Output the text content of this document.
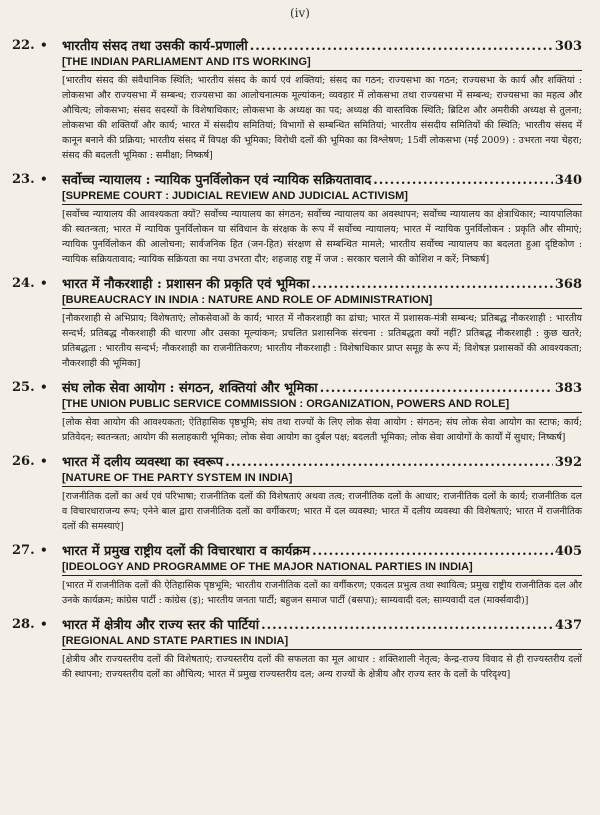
(iv)
22. • भारतीय संसद तथा उसकी कार्य-प्रणाली .....	303
[THE INDIAN PARLIAMENT AND ITS WORKING]
[भारतीय संसद की संवैधानिक स्थिति; भारतीय संसद के कार्य एवं शक्तियां; संसद का गठन; राज्यसभा का गठन; राज्यसभा के कार्य और शक्तियां : लोकसभा और राज्यसभा में सम्बन्ध; राज्यसभा का आलोचनात्मक मूल्यांकन; व्यवहार में लोकसभा तथा राज्यसभा में सम्बन्ध; राज्यसभा का महत्व और औचित्य; लोकसभा; संसद सदस्यों के विशेषाधिकार; लोकसभा के अध्यक्ष का पद; अध्यक्ष की वास्तविक स्थिति; ब्रिटिश और अमरीकी अध्यक्ष से तुलना; लोकसभा की शक्तियाँ और कार्य; भारत में संसदीय समितियां; विभागों से सम्बन्धित समितियां; भारतीय संसदीय समितियों की स्थिति; भारतीय संसद में कानून बनाने की प्रक्रिया; भारतीय संसद में विपक्ष की भूमिका; विरोधी दलों की भूमिका का विश्लेषण; 15वीं लोकसभा (मई 2009) : उभरता नया चेहरा; संसद की बदलती भूमिका : समीक्षा; निष्कर्ष]
23. • सर्वोच्च न्यायालय : न्यायिक पुनर्विलोकन एवं न्यायिक सक्रियतावाद .....	340
[SUPREME COURT : JUDICIAL REVIEW AND JUDICIAL ACTIVISM]
[सर्वोच्च न्यायालय की आवश्यकता क्यों? सर्वोच्च न्यायालय का संगठन; सर्वोच्च न्यायालय का अवस्थापन; सर्वोच्च न्यायालय का क्षेत्राधिकार; न्यायपालिका की स्वतन्त्रता; भारत में न्यायिक पुनर्विलोकन या संविधान के संरक्षक के रूप में सर्वोच्च न्यायालय; भारत में न्यायिक पुनर्विलोकन : प्रकृति और सीमाएं; न्यायिक पुनर्विलोकन की आलोचना; सार्वजनिक हित (जन-हित) संरक्षण से सम्बन्धित मामले; भारतीय सर्वोच्च न्यायालय का बदलता हुआ दृष्टिकोण : न्यायिक सक्रियतावाद; न्यायिक सक्रियता का नया उभरता दौर; शहजाह राष्ट्र में जज : सरकार चलाने की कोशिश न करें; निष्कर्ष]
24. • भारत में नौकरशाही : प्रशासन की प्रकृति एवं भूमिका .....	368
[BUREAUCRACY IN INDIA : NATURE AND ROLE OF ADMINISTRATION]
[नौकरशाही से अभिप्राय; विशेषताएं; लोकसेवाओं के कार्य; भारत में नौकरशाही का ढांचा; भारत में प्रशासक-मंत्री सम्बन्ध; प्रतिबद्ध नौकरशाही : भारतीय सन्दर्भ; प्रतिबद्ध नौकरशाही की धारणा और उसका मूल्यांकन; प्रचलित प्रशासनिक संरचना : प्रतिबद्धता क्यों नहीं? प्रतिबद्ध नौकरशाही : कुछ खतरे; प्रतिबद्धता : भारतीय सन्दर्भ; नौकरशाही का राजनीतिकरण; भारतीय नौकरशाही : विशेषाधिकार प्राप्त समूह के रूप में; विशेषज्ञ प्रशासकों की आवश्यकता; नौकरशाही की भूमिका]
25. • संघ लोक सेवा आयोग : संगठन, शक्तियां और भूमिका .....	383
[THE UNION PUBLIC SERVICE COMMISSION : ORGANIZATION, POWERS AND ROLE]
[लोक सेवा आयोग की आवश्यकता; ऐतिहासिक पृष्ठभूमि; संघ तथा राज्यों के लिए लोक सेवा आयोग : संगठन; संघ लोक सेवा आयोग का स्टाफ; कार्य; प्रतिवेदन; स्वतन्त्रता; आयोग की सलाहकारी भूमिका; लोक सेवा आयोग का दुर्बल पक्ष; बदलती भूमिका; लोक सेवा आयोगों के कार्यों में सुधार; निष्कर्ष]
26. • भारत में दलीय व्यवस्था का स्वरूप .....	392
[NATURE OF THE PARTY SYSTEM IN INDIA]
[राजनीतिक दलों का अर्थ एवं परिभाषा; राजनीतिक दलों की विशेषताएं अथवा तत्व; राजनीतिक दलों के आधार; राजनीतिक दलों के कार्य; राजनीतिक दल व विचारधाराजन्य रूप; एनेने बाल द्वारा राजनीतिक दलों का वर्गीकरण; भारत में दल व्यवस्था; भारत में दलीय व्यवस्था की विशेषताएं; भारत में राजनीतिक दलों की समस्याएं]
27. • भारत में प्रमुख राष्ट्रीय दलों की विचारधारा व कार्यक्रम .....	405
[IDEOLOGY AND PROGRAMME OF THE MAJOR NATIONAL PARTIES IN INDIA]
[भारत में राजनीतिक दलों की ऐतिहासिक पृष्ठभूमि; भारतीय राजनीतिक दलों का वर्गीकरण; एकदल प्रभुत्व तथा स्थायित्व; प्रमुख राष्ट्रीय राजनीतिक दल और उनके कार्यक्रम; कांग्रेस पार्टी : कांग्रेस (इ); भारतीय जनता पार्टी; बहुजन समाज पार्टी (बसपा); साम्यवादी दल; साम्यवादी दल (मार्क्सवादी)]
28. • भारत में क्षेत्रीय और राज्य स्तर की पार्टियां .....	437
[REGIONAL AND STATE PARTIES IN INDIA]
[क्षेत्रीय और राज्यस्तरीय दलों की विशेषताएं; राज्यस्तरीय दलों की सफलता का मूल आधार : शक्तिशाली नेतृत्व; केन्द्र-राज्य विवाद से ही राज्यस्तरीय दलों की स्थापना; राज्यस्तरीय दलों का औचित्य; भारत में प्रमुख राज्यस्तरीय दल; अन्य राज्यों के क्षेत्रीय और राज्य स्तर के दलों के परिदृश्य]
